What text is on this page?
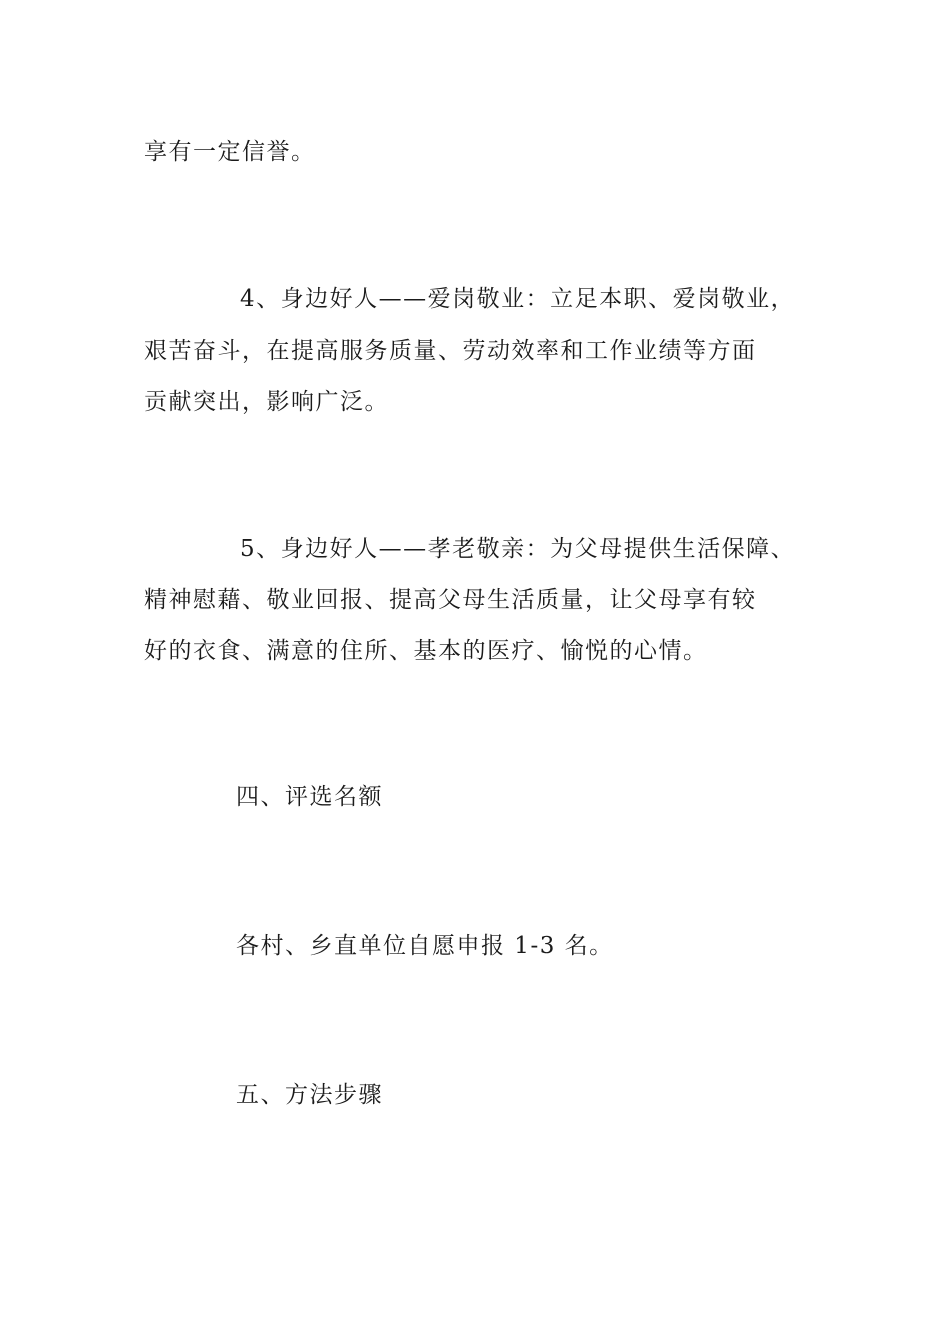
享有一定信誉。
4、身边好人——爱岗敬业：立足本职、爱岗敬业，
艰苦奋斗，在提高服务质量、劳动效率和工作业绩等方面
贡献突出，影响广泛。
5、身边好人——孝老敬亲：为父母提供生活保障、
精神慰藉、敬业回报、提高父母生活质量，让父母享有较
好的衣食、满意的住所、基本的医疗、愉悦的心情。
四、评选名额
各村、乡直单位自愿申报 1-3 名。
五、方法步骤
